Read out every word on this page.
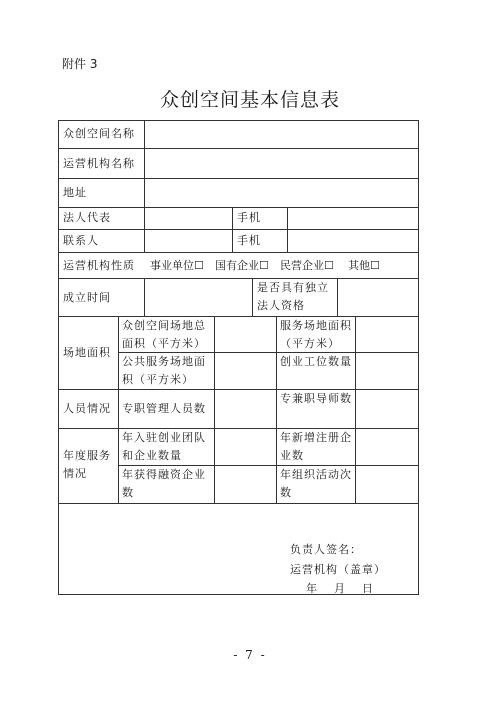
附件 3
众创空间基本信息表
众创空间名称
运营机构名称
地址
法人代表	手机
联系人	手机
运营机构性质 事业单位☐ 国有企业☐ 民营企业☐ 其他☐
成立时间
是否具有独立法人资格
场地面积
众创空间场地总面积（平方米）
服务场地面积（平方米）
公共服务场地面积（平方米）
创业工位数量
人员情况 专职管理人员数
专兼职导师数
年度服务情况
年入驻创业团队和企业数量
年新增注册企业数
年获得融资企业数
年组织活动次数
负责人签名：
运营机构（盖章）
年　月　日
- 7 -
